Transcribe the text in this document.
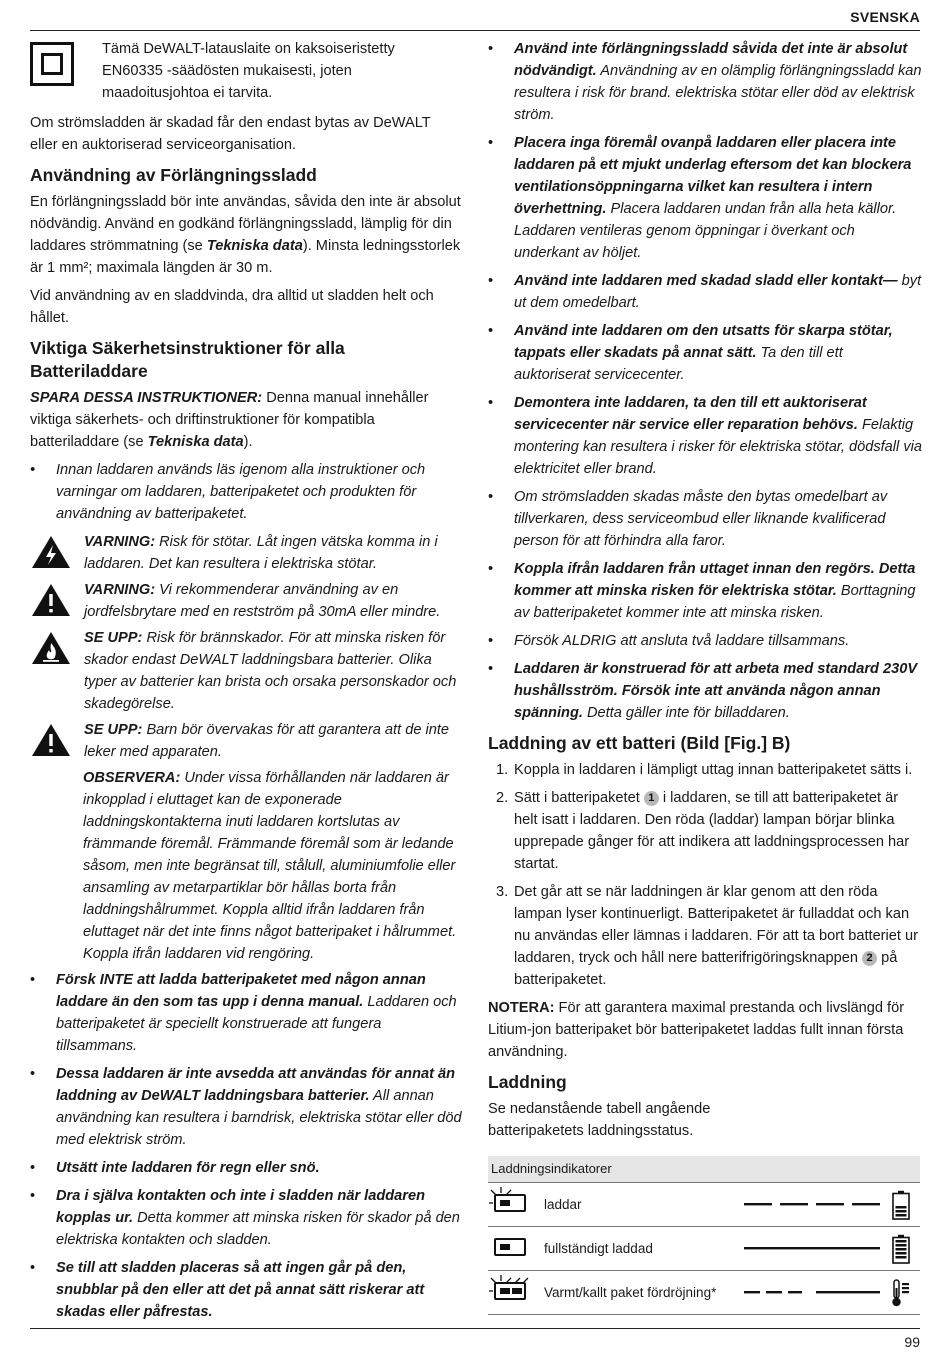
SVENSKA

Tämä DeWALT-latauslaite on kaksoiseristetty

EN60335 -säädösten mukaisesti, joten

maadoitusjohtoa ei tarvita.

Om strömsladden är skadad får den endast bytas av DeWALT eller en auktoriserad serviceorganisation.

Användning av Förlängningssladd

En förlängningssladd bör inte användas, såvida den inte är absolut nödvändig. Använd en godkänd förlängningssladd, lämplig för din laddares strömmatning (se Tekniska data). Minsta ledningsstorlek är 1 mm²; maximala längden är 30 m.

Vid användning av en sladdvinda, dra alltid ut sladden helt och hållet.

Viktiga Säkerhetsinstruktioner för alla Batteriladdare

SPARA DESSA INSTRUKTIONER: Denna manual innehåller viktiga säkerhets- och driftinstruktioner för kompatibla batteriladdare (se Tekniska data).

• Innan laddaren används läs igenom alla instruktioner och varningar om laddaren, batteripaketet och produkten för användning av batteripaketet.
VARNING: Risk för stötar. Låt ingen vätska komma in i laddaren. Det kan resultera i elektriska stötar.
VARNING: Vi rekommenderar användning av en jordfelsbrytare med en restström på 30mA eller mindre.
SE UPP: Risk för brännskador. För att minska risken för skador endast DeWALT laddningsbara batterier. Olika typer av batterier kan brista och orsaka personskador och skadegörelse.
SE UPP: Barn bör övervakas för att garantera att de inte leker med apparaten.
OBSERVERA: Under vissa förhållanden när laddaren är inkopplad i eluttaget kan de exponerade laddningskontakterna inuti laddaren kortslutas av främmande föremål. Främmande föremål som är ledande såsom, men inte begränsat till, stålull, aluminiumfolie eller ansamling av metarpartiklar bör hållas borta från laddningshålrummet. Koppla alltid ifrån laddaren från eluttaget när det inte finns något batteripaket i hålrummet. Koppla ifrån laddaren vid rengöring.
• Försk INTE att ladda batteripaketet med någon annan laddare än den som tas upp i denna manual. Laddaren och batteripaketet är speciellt konstruerade att fungera tillsammans.
• Dessa laddaren är inte avsedda att användas för annat än laddning av DeWALT laddningsbara batterier. All annan användning kan resultera i barndrisk, elektriska stötar eller död med elektrisk ström.
• Utsätt inte laddaren för regn eller snö.
• Dra i själva kontakten och inte i sladden när laddaren kopplas ur. Detta kommer att minska risken för skador på den elektriska kontakten och sladden.
• Se till att sladden placeras så att ingen går på den, snubblar på den eller att det på annat sätt riskerar att skadas eller påfrestas.
• Använd inte förlängningssladd såvida det inte är absolut nödvändigt. Användning av en olämplig förlängningssladd kan resultera i risk för brand. elektriska stötar eller död av elektrisk ström.
• Placera inga föremål ovanpå laddaren eller placera inte laddaren på ett mjukt underlag eftersom det kan blockera ventilationsöppningarna vilket kan resultera i intern överhettning. Placera laddaren undan från alla heta källor. Laddaren ventileras genom öppningar i överkant och underkant av höljet.
• Använd inte laddaren med skadad sladd eller kontakt— byt ut dem omedelbart.
• Använd inte laddaren om den utsatts för skarpa stötar, tappats eller skadats på annat sätt. Ta den till ett auktoriserat servicecenter.
• Demontera inte laddaren, ta den till ett auktoriserat servicecenter när service eller reparation behövs. Felaktig montering kan resultera i risker för elektriska stötar, dödsfall via elektricitet eller brand.
• Om strömsladden skadas måste den bytas omedelbart av tillverkaren, dess serviceombud eller liknande kvalificerad person för att förhindra alla faror.
• Koppla ifrån laddaren från uttaget innan den regörs. Detta kommer att minska risken för elektriska stötar. Borttagning av batteripaketet kommer inte att minska risken.
• Försök ALDRIG att ansluta två laddare tillsammans.
• Laddaren är konstruerad för att arbeta med standard 230V hushållsström. Försök inte att använda någon annan spänning. Detta gäller inte för billaddaren.
Laddning av ett batteri (Bild [Fig.] B)
1. Koppla in laddaren i lämpligt uttag innan batteripaketet sätts i.
2. Sätt i batteripaketet 1 i laddaren, se till att batteripaketet är helt isatt i laddaren. Den röda (laddar) lampan börjar blinka upprepade gånger för att indikera att laddningsprocessen har startat.
3. Det går att se när laddningen är klar genom att den röda lampan lyser kontinuerligt. Batteripaketet är fulladdat och kan nu användas eller lämnas i laddaren. För att ta bort batteriet ur laddaren, tryck och håll nere batterifrigöringsknappen 2 på batteripaketet.

NOTERA: För att garantera maximal prestanda och livslängd för Litium-jon batteripaket bör batteripaketet laddas fullt innan första användning.

Laddning

Se nedanstående tabell angående batteripaketets laddningsstatus.

Laddningsindikatorer
laddar
fullständigt laddad
Varmt/kallt paket fördröjning*
99
